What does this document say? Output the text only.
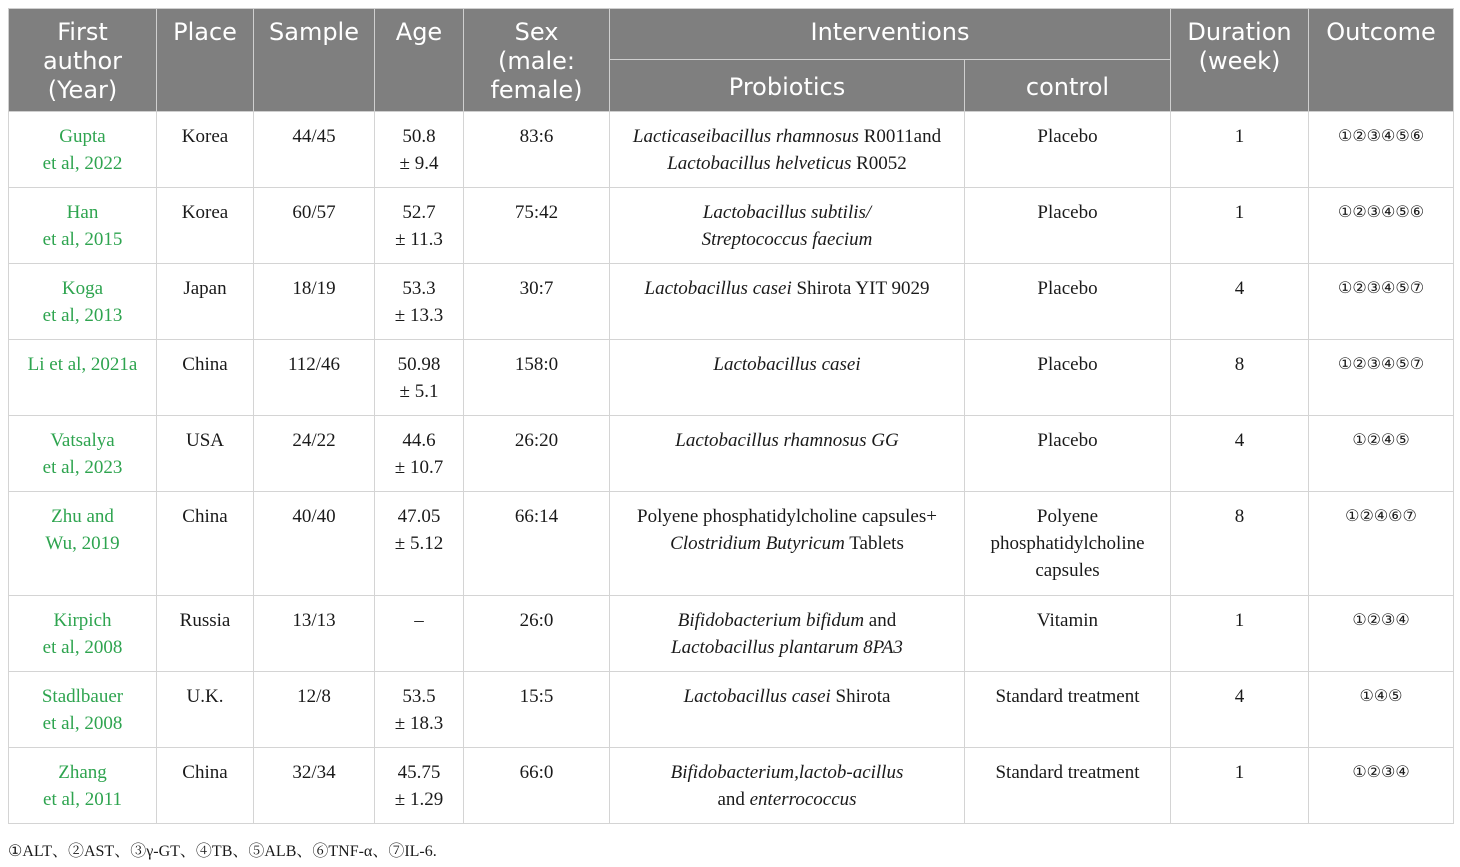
First
author
(Year)	Place	Sample	Age	Sex
(male:
female)	Interventions		Duration
(week)	Outcome
					Probiotics	control		
Gupta
et al, 2022	Korea	44/45	50.8
± 9.4	83:6	Lacticaseibacillus rhamnosus R0011and
Lactobacillus helveticus R0052	Placebo	1	①②③④⑤⑥
Han
et al, 2015	Korea	60/57	52.7
± 11.3	75:42	Lactobacillus subtilis/
Streptococcus faecium	Placebo	1	①②③④⑤⑥
Koga
et al, 2013	Japan	18/19	53.3
± 13.3	30:7	Lactobacillus casei Shirota YIT 9029	Placebo	4	①②③④⑤⑦
Li et al, 2021a	China	112/46	50.98
± 5.1	158:0	Lactobacillus casei	Placebo	8	①②③④⑤⑦
Vatsalya
et al, 2023	USA	24/22	44.6
± 10.7	26:20	Lactobacillus rhamnosus GG	Placebo	4	①②④⑤
Zhu and
Wu, 2019	China	40/40	47.05
± 5.12	66:14	Polyene phosphatidylcholine capsules+
Clostridium Butyricum Tablets	Polyene
phosphatidylcholine
capsules	8	①②④⑥⑦
Kirpich
et al, 2008	Russia	13/13	–	26:0	Bifidobacterium bifidum and
Lactobacillus plantarum 8PA3	Vitamin	1	①②③④
Stadlbauer
et al, 2008	U.K.	12/8	53.5
± 18.3	15:5	Lactobacillus casei Shirota	Standard treatment	4	①④⑤
Zhang
et al, 2011	China	32/34	45.75
± 1.29	66:0	Bifidobacterium,lactob-acillus
and enterrococcus	Standard treatment	1	①②③④
①ALT、②AST、③γ-GT、④TB、⑤ALB、⑥TNF-α、⑦IL-6.
